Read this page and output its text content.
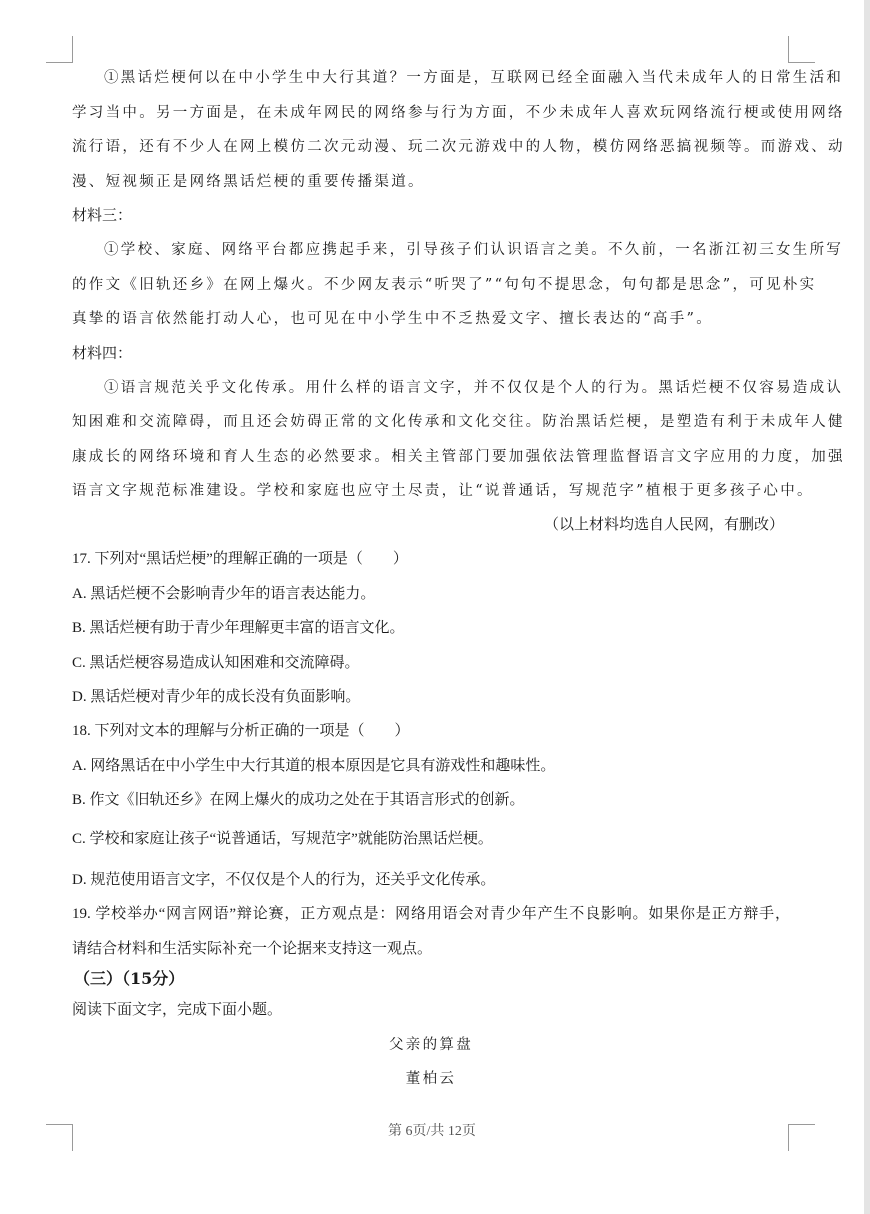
①黑话烂梗何以在中小学生中大行其道？一方面是，互联网已经全面融入当代未成年人的日常生活和
学习当中。另一方面是，在未成年网民的网络参与行为方面，不少未成年人喜欢玩网络流行梗或使用网络
流行语，还有不少人在网上模仿二次元动漫、玩二次元游戏中的人物，模仿网络恶搞视频等。而游戏、动
漫、短视频正是网络黑话烂梗的重要传播渠道。
材料三：
①学校、家庭、网络平台都应携起手来，引导孩子们认识语言之美。不久前，一名浙江初三女生所写
的作文《旧轨还乡》在网上爆火。不少网友表示“听哭了”“句句不提思念，句句都是思念”，可见朴实
真挚的语言依然能打动人心，也可见在中小学生中不乏热爱文字、擅长表达的“高手”。
材料四：
①语言规范关乎文化传承。用什么样的语言文字，并不仅仅是个人的行为。黑话烂梗不仅容易造成认
知困难和交流障碍，而且还会妨碍正常的文化传承和文化交往。防治黑话烂梗，是塑造有利于未成年人健
康成长的网络环境和育人生态的必然要求。相关主管部门要加强依法管理监督语言文字应用的力度，加强
语言文字规范标准建设。学校和家庭也应守土尽责，让“说普通话，写规范字”植根于更多孩子心中。
（以上材料均选自人民网，有删改）
17. 下列对“黑话烂梗”的理解正确的一项是（　　）
A. 黑话烂梗不会影响青少年的语言表达能力。
B. 黑话烂梗有助于青少年理解更丰富的语言文化。
C. 黑话烂梗容易造成认知困难和交流障碍。
D. 黑话烂梗对青少年的成长没有负面影响。
18. 下列对文本的理解与分析正确的一项是（　　）
A. 网络黑话在中小学生中大行其道的根本原因是它具有游戏性和趣味性。
B. 作文《旧轨还乡》在网上爆火的成功之处在于其语言形式的创新。
C. 学校和家庭让孩子“说普通话，写规范字”就能防治黑话烂梗。
D. 规范使用语言文字，不仅仅是个人的行为，还关乎文化传承。
19. 学校举办“网言网语”辩论赛，正方观点是：网络用语会对青少年产生不良影响。如果你是正方辩手，
请结合材料和生活实际补充一个论据来支持这一观点。
（三）（15分）
阅读下面文字，完成下面小题。
父亲的算盘
董柏云
第 6页/共 12页
